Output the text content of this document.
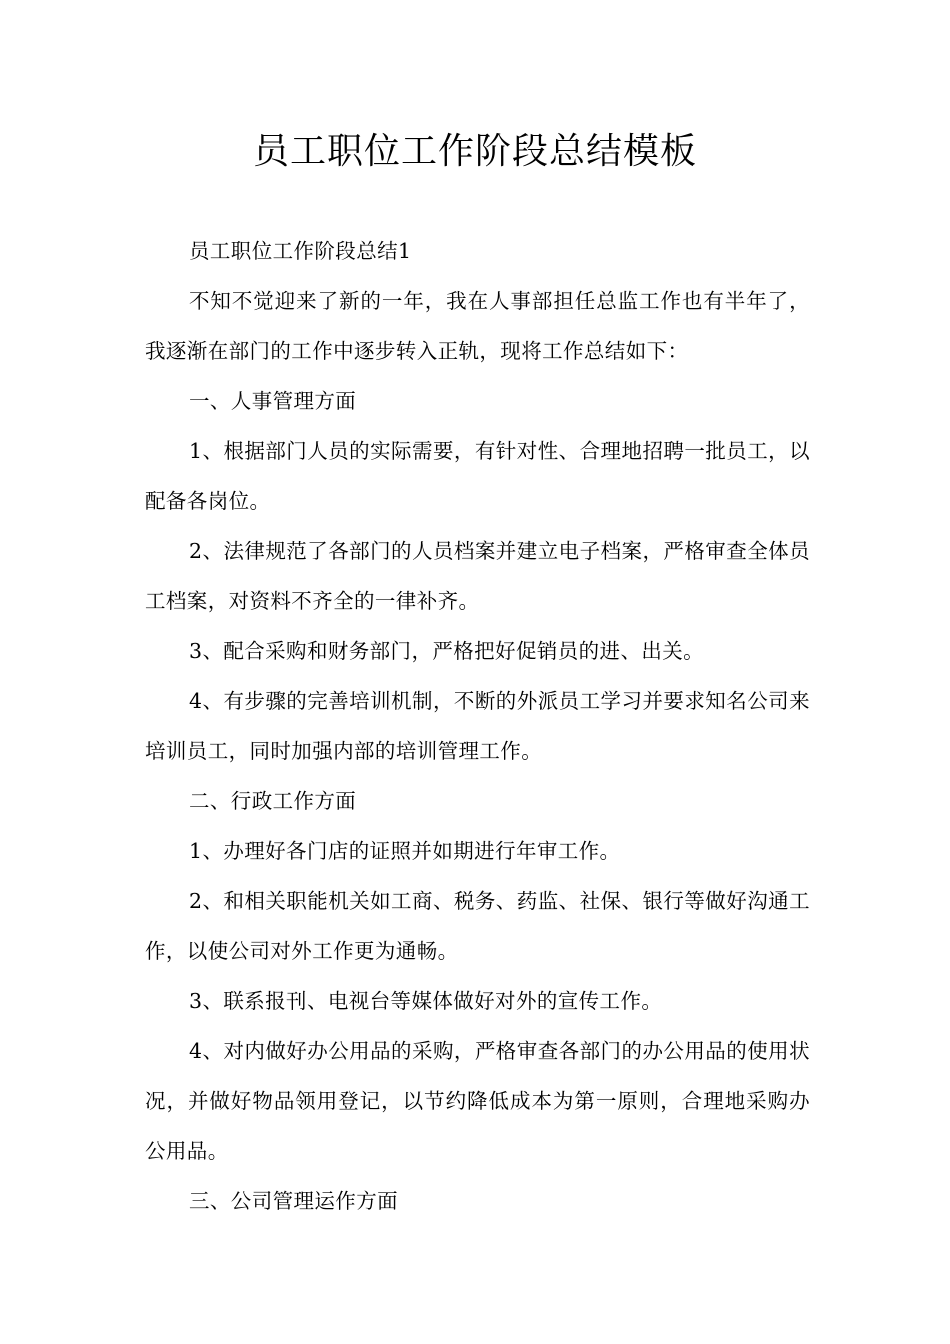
员工职位工作阶段总结模板

员工职位工作阶段总结1

不知不觉迎来了新的一年，我在人事部担任总监工作也有半年了，我逐渐在部门的工作中逐步转入正轨，现将工作总结如下：

一、人事管理方面

1、根据部门人员的实际需要，有针对性、合理地招聘一批员工，以配备各岗位。

2、法律规范了各部门的人员档案并建立电子档案，严格审查全体员工档案，对资料不齐全的一律补齐。

3、配合采购和财务部门，严格把好促销员的进、出关。

4、有步骤的完善培训机制，不断的外派员工学习并要求知名公司来培训员工，同时加强内部的培训管理工作。

二、行政工作方面

1、办理好各门店的证照并如期进行年审工作。

2、和相关职能机关如工商、税务、药监、社保、银行等做好沟通工作，以使公司对外工作更为通畅。

3、联系报刊、电视台等媒体做好对外的宣传工作。

4、对内做好办公用品的采购，严格审查各部门的办公用品的使用状况，并做好物品领用登记，以节约降低成本为第一原则，合理地采购办公用品。

三、公司管理运作方面
